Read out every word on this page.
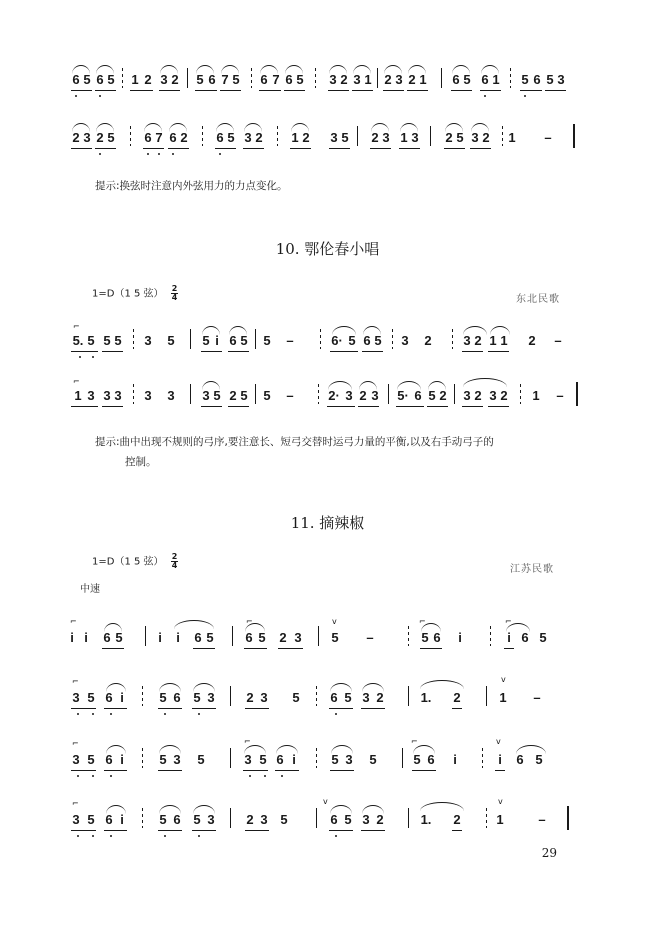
6 5 6 5 1 2 3 2 5 6 7 5 6 7 6 5 3 2 3 1 2 3 2 1 6 5 6 1 5 6 5 3
2 3 2 5 6 7 6 2 6 5 3 2 1 2 3 5 2 3 1 3 2 5 3 2 1 –
提示:换弦时注意内外弦用力的力点变化。
10. 鄂伦春小唱
1=D（1 5 弦） $\frac{2}{4}$	东北民歌
5. 5 5 5 3 5 5 i 6 5 5 –	6· 5 6 5 3 2 3 2 1 1 2 –
⌐
1 3 3 3 3 3 3 5 2 5 5 –	2· 3 2 3 5· 6 5 2 3 2 3 2 1 –
⌐
提示:曲中出现不规则的弓序,要注意长、短弓交替时运弓力量的平衡,以及右手动弓子的
控制。
11. 摘辣椒
1=D（1 5 弦） $\frac{2}{4}$	江苏民歌
中速
i i 6 5	i i 6 5 6 5 2 3 5 –	5 6 i	i 6 5
⌐	⌐	⌐	⌐
v
3 5 6 i	5 6 5 3 2 3 5 6 5 3 2	1. 2	1 –
⌐	v
3 5 6 i	5 3 5	3 5 6 i	5 3 5	5 6 i	i 6 5
⌐	⌐	⌐	v
3 5 6 i	5 6 5 3 2 3 5	6 5 3 2	1. 2	1	–
⌐	v	v
29
